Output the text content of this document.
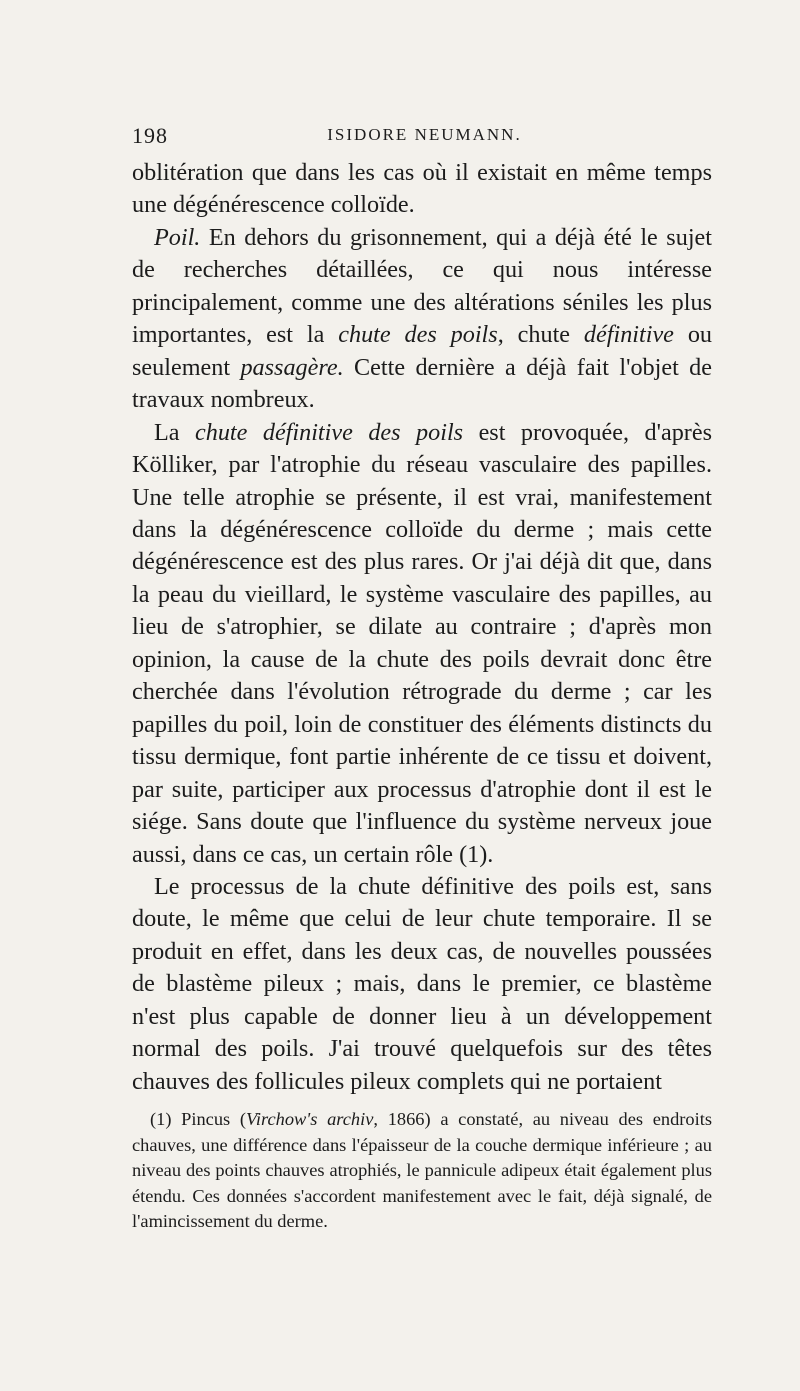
198	ISIDORE NEUMANN.

oblitération que dans les cas où il existait en même temps une dégénérescence colloïde.

Poil. En dehors du grisonnement, qui a déjà été le sujet de recherches détaillées, ce qui nous intéresse principalement, comme une des altérations séniles les plus importantes, est la chute des poils, chute définitive ou seulement passagère. Cette dernière a déjà fait l'objet de travaux nombreux.

La chute définitive des poils est provoquée, d'après Kölliker, par l'atrophie du réseau vasculaire des papilles. Une telle atrophie se présente, il est vrai, manifestement dans la dégénérescence colloïde du derme ; mais cette dégénérescence est des plus rares. Or j'ai déjà dit que, dans la peau du vieillard, le système vasculaire des papilles, au lieu de s'atrophier, se dilate au contraire ; d'après mon opinion, la cause de la chute des poils devrait donc être cherchée dans l'évolution rétrograde du derme ; car les papilles du poil, loin de constituer des éléments distincts du tissu dermique, font partie inhérente de ce tissu et doivent, par suite, participer aux processus d'atrophie dont il est le siége. Sans doute que l'influence du système nerveux joue aussi, dans ce cas, un certain rôle (1).

Le processus de la chute définitive des poils est, sans doute, le même que celui de leur chute temporaire. Il se produit en effet, dans les deux cas, de nouvelles poussées de blastème pileux ; mais, dans le premier, ce blastème n'est plus capable de donner lieu à un développement normal des poils. J'ai trouvé quelquefois sur des têtes chauves des follicules pileux complets qui ne portaient

(1) Pincus (Virchow's archiv, 1866) a constaté, au niveau des endroits chauves, une différence dans l'épaisseur de la couche dermique inférieure ; au niveau des points chauves atrophiés, le pannicule adipeux était également plus étendu. Ces données s'accordent manifestement avec le fait, déjà signalé, de l'amincissement du derme.
